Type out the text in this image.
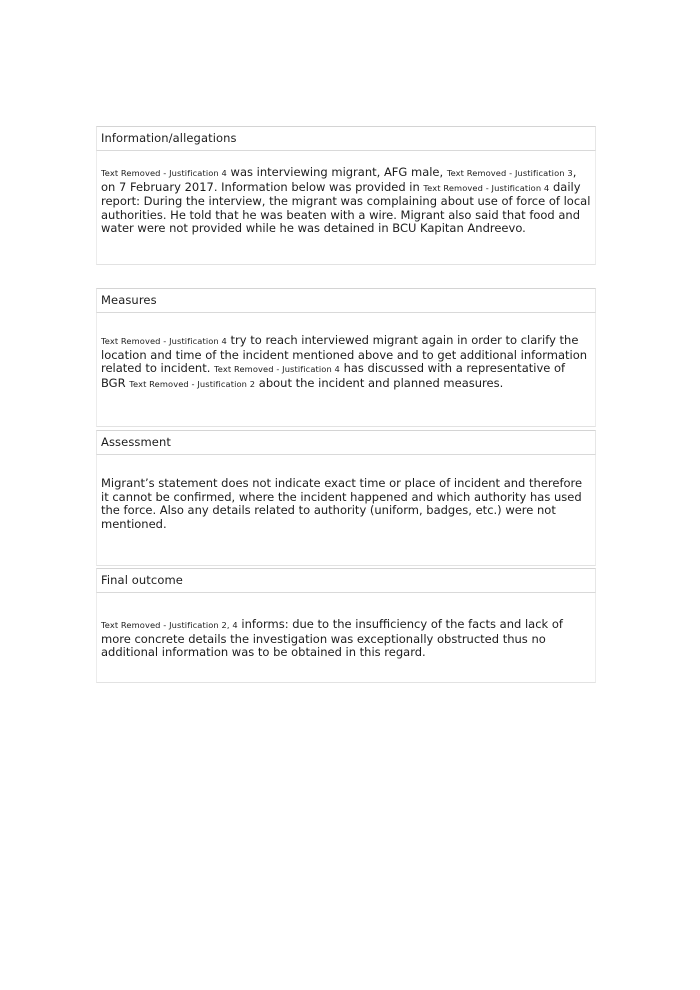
Information/allegations
Text Removed - Justification 4 was interviewing migrant, AFG male, Text Removed - Justification 3, on 7 February 2017. Information below was provided in Text Removed - Justification 4 daily report: During the interview, the migrant was complaining about use of force of local authorities. He told that he was beaten with a wire. Migrant also said that food and water were not provided while he was detained in BCU Kapitan Andreevo.
Measures
Text Removed - Justification 4 try to reach interviewed migrant again in order to clarify the location and time of the incident mentioned above and to get additional information related to incident. Text Removed - Justification 4 has discussed with a representative of BGR Text Removed - Justification 2 about the incident and planned measures.
Assessment
Migrant’s statement does not indicate exact time or place of incident and therefore it cannot be confirmed, where the incident happened and which authority has used the force. Also any details related to authority (uniform, badges, etc.) were not mentioned.
Final outcome
Text Removed - Justification 2, 4 informs: due to the insufficiency of the facts and lack of more concrete details the investigation was exceptionally obstructed thus no additional information was to be obtained in this regard.
